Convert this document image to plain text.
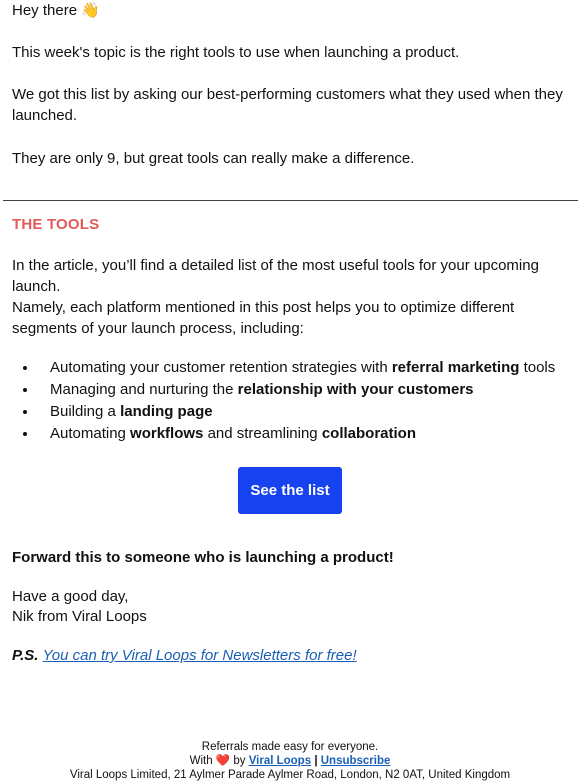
Hey there 👋

This week's topic is the right tools to use when launching a product.

We got this list by asking our best-performing customers what they used when they launched.

They are only 9, but great tools can really make a difference.

THE TOOLS

In the article, you’ll find a detailed list of the most useful tools for your upcoming launch.

Namely, each platform mentioned in this post helps you to optimize different segments of your launch process, including:

• Automating your customer retention strategies with referral marketing tools
• Managing and nurturing the relationship with your customers
• Building a landing page
• Automating workflows and streamlining collaboration
See the list

Forward this to someone who is launching a product!

Have a good day,

Nik from Viral Loops

P.S. You can try Viral Loops for Newsletters for free!

Referrals made easy for everyone.
With ❤️ by Viral Loops | Unsubscribe
Viral Loops Limited, 21 Aylmer Parade Aylmer Road, London, N2 0AT, United Kingdom
